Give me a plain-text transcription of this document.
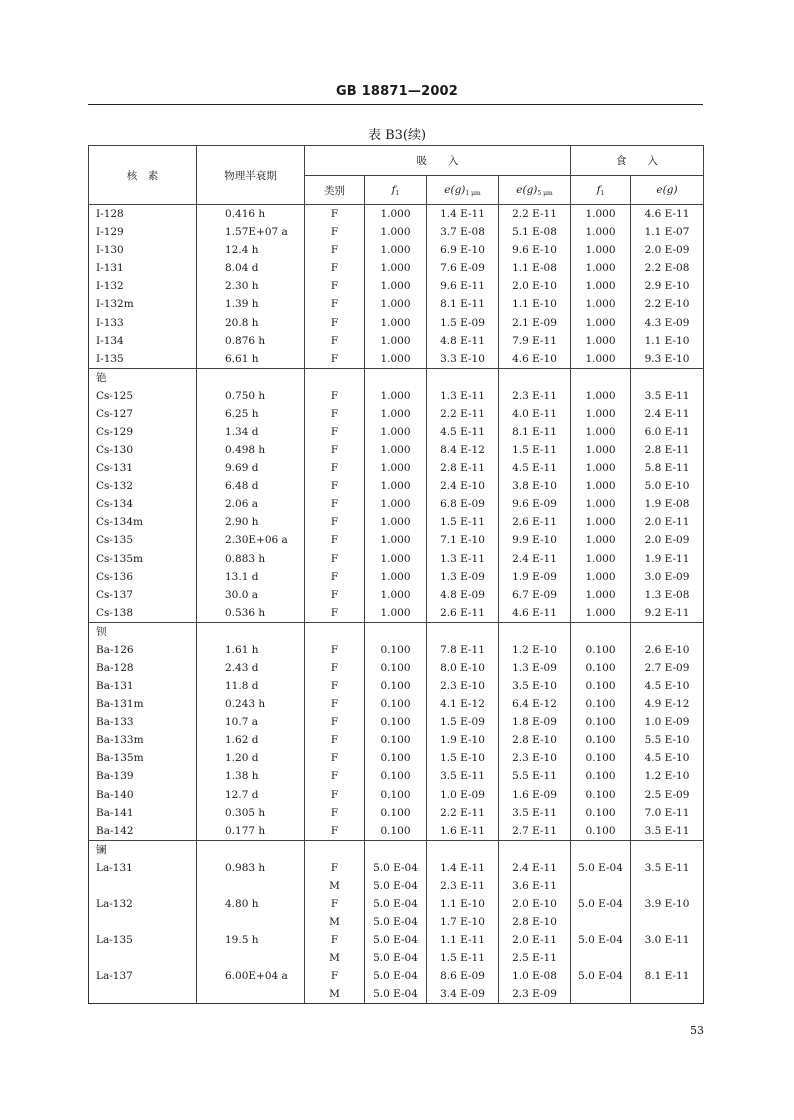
GB 18871—2002
表 B3(续)
核　素	物理半衰期	吸　　入				食　　入	
		类别	$f_1$	$e(g)_{1 \mu m}$	$e(g)_{5 \mu m}$	$f_1$	e(g)
I-128	0.416 h	F	1.000	1.4 E-11	2.2 E-11	1.000	4.6 E-11
I-129	1.57E+07 a	F	1.000	3.7 E-08	5.1 E-08	1.000	1.1 E-07
I-130	12.4 h	F	1.000	6.9 E-10	9.6 E-10	1.000	2.0 E-09
I-131	8.04 d	F	1.000	7.6 E-09	1.1 E-08	1.000	2.2 E-08
I-132	2.30 h	F	1.000	9.6 E-11	2.0 E-10	1.000	2.9 E-10
I-132m	1.39 h	F	1.000	8.1 E-11	1.1 E-10	1.000	2.2 E-10
I-133	20.8 h	F	1.000	1.5 E-09	2.1 E-09	1.000	4.3 E-09
I-134	0.876 h	F	1.000	4.8 E-11	7.9 E-11	1.000	1.1 E-10
I-135	6.61 h	F	1.000	3.3 E-10	4.6 E-10	1.000	9.3 E-10
铯							
Cs-125	0.750 h	F	1.000	1.3 E-11	2.3 E-11	1.000	3.5 E-11
Cs-127	6.25 h	F	1.000	2.2 E-11	4.0 E-11	1.000	2.4 E-11
Cs-129	1.34 d	F	1.000	4.5 E-11	8.1 E-11	1.000	6.0 E-11
Cs-130	0.498 h	F	1.000	8.4 E-12	1.5 E-11	1.000	2.8 E-11
Cs-131	9.69 d	F	1.000	2.8 E-11	4.5 E-11	1.000	5.8 E-11
Cs-132	6.48 d	F	1.000	2.4 E-10	3.8 E-10	1.000	5.0 E-10
Cs-134	2.06 a	F	1.000	6.8 E-09	9.6 E-09	1.000	1.9 E-08
Cs-134m	2.90 h	F	1.000	1.5 E-11	2.6 E-11	1.000	2.0 E-11
Cs-135	2.30E+06 a	F	1.000	7.1 E-10	9.9 E-10	1.000	2.0 E-09
Cs-135m	0.883 h	F	1.000	1.3 E-11	2.4 E-11	1.000	1.9 E-11
Cs-136	13.1 d	F	1.000	1.3 E-09	1.9 E-09	1.000	3.0 E-09
Cs-137	30.0 a	F	1.000	4.8 E-09	6.7 E-09	1.000	1.3 E-08
Cs-138	0.536 h	F	1.000	2.6 E-11	4.6 E-11	1.000	9.2 E-11
钡							
Ba-126	1.61 h	F	0.100	7.8 E-11	1.2 E-10	0.100	2.6 E-10
Ba-128	2.43 d	F	0.100	8.0 E-10	1.3 E-09	0.100	2.7 E-09
Ba-131	11.8 d	F	0.100	2.3 E-10	3.5 E-10	0.100	4.5 E-10
Ba-131m	0.243 h	F	0.100	4.1 E-12	6.4 E-12	0.100	4.9 E-12
Ba-133	10.7 a	F	0.100	1.5 E-09	1.8 E-09	0.100	1.0 E-09
Ba-133m	1.62 d	F	0.100	1.9 E-10	2.8 E-10	0.100	5.5 E-10
Ba-135m	1.20 d	F	0.100	1.5 E-10	2.3 E-10	0.100	4.5 E-10
Ba-139	1.38 h	F	0.100	3.5 E-11	5.5 E-11	0.100	1.2 E-10
Ba-140	12.7 d	F	0.100	1.0 E-09	1.6 E-09	0.100	2.5 E-09
Ba-141	0.305 h	F	0.100	2.2 E-11	3.5 E-11	0.100	7.0 E-11
Ba-142	0.177 h	F	0.100	1.6 E-11	2.7 E-11	0.100	3.5 E-11
镧							
La-131	0.983 h	F	5.0 E-04	1.4 E-11	2.4 E-11	5.0 E-04	3.5 E-11
		M	5.0 E-04	2.3 E-11	3.6 E-11		
La-132	4.80 h	F	5.0 E-04	1.1 E-10	2.0 E-10	5.0 E-04	3.9 E-10
		M	5.0 E-04	1.7 E-10	2.8 E-10		
La-135	19.5 h	F	5.0 E-04	1.1 E-11	2.0 E-11	5.0 E-04	3.0 E-11
		M	5.0 E-04	1.5 E-11	2.5 E-11		
La-137	6.00E+04 a	F	5.0 E-04	8.6 E-09	1.0 E-08	5.0 E-04	8.1 E-11
		M	5.0 E-04	3.4 E-09	2.3 E-09		
53
